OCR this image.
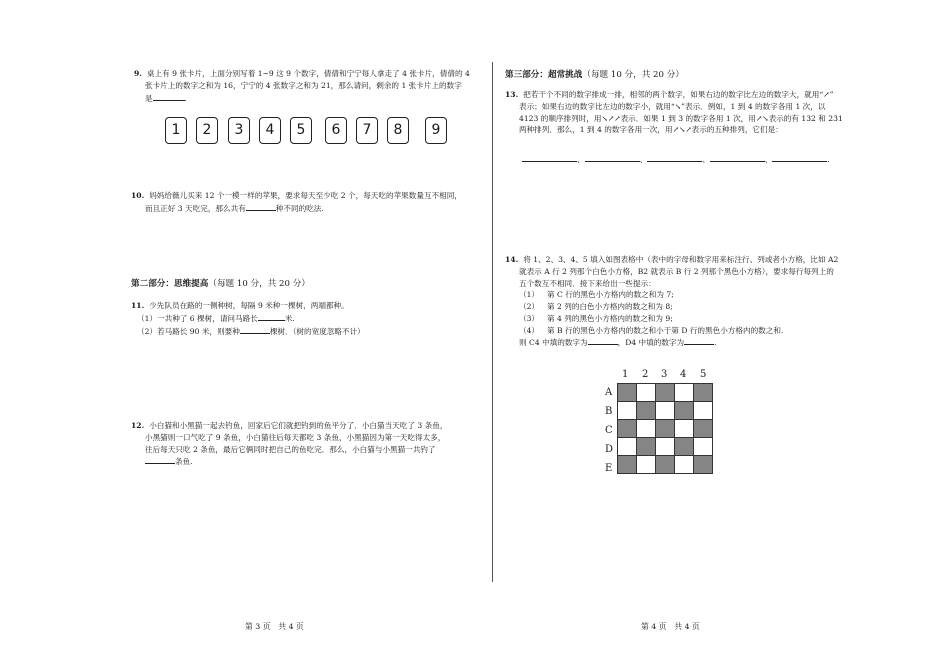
9. 桌上有 9 张卡片，上面分别写着 1~9 这 9 个数字，倩倩和宁宁每人拿走了 4 张卡片，倩倩的 4

张卡片上的数字之和为 16，宁宁的 4 张数字之和为 21，那么请问，剩余的 1 张卡片上的数字

是	.

1	2	3	4	5	6	7	8	9

10. 妈妈给薇儿买来 12 个一模一样的苹果，要求每天至少吃 2 个，每天吃的苹果数量互不相同，

而且正好 3 天吃完，那么共有	种不同的吃法.

第二部分：思维提高（每题 10 分，共 20 分）

11. 少先队员在路的一侧种树，每隔 9 米种一棵树，两端都种。

（1）一共种了 6 棵树，请问马路长	米.

（2）若马路长 90 米，则要种	棵树．（树的宽度忽略不计）

12. 小白猫和小黑猫一起去钓鱼，回家后它们就把钓到的鱼平分了．小白猫当天吃了 3 条鱼，

小黑猫则一口气吃了 9 条鱼，小白猫往后每天都吃 3 条鱼，小黑猫因为第一天吃得太多，

往后每天只吃 2 条鱼，最后它俩同时把自己的鱼吃完．那么，小白猫与小黑猫一共钓了

条鱼.

第 3 页　共 4 页
第三部分：超常挑战（每题 10 分，共 20 分）

13. 把若干个不同的数字排成一排，相邻的两个数字，如果右边的数字比左边的数字大，就用“↗”

表示；如果右边的数字比左边的数字小，就用“↘”表示．例如，1 到 4 的数字各用 1 次，以

4123 的顺序排列时，用↘↗↗表示．如果 1 到 3 的数字各用 1 次，用↗↘表示的有 132 和 231

两种排列．那么，1 到 4 的数字各用一次，用↗↘↗表示的五种排列，它们是：

、	、	、	、	.

14. 将 1、2、3、4、5 填入如图表格中（表中的字母和数字用来标注行、列或者小方格，比如 A2

就表示 A 行 2 列那个白色小方格，B2 就表示 B 行 2 列那个黑色小方格），要求每行每列上的

五个数互不相同．接下来给出一些提示：

（1） 第 C 行的黑色小方格内的数之和为 7;

（2） 第 2 列的白色小方格内的数之和为 8;

（3） 第 4 列的黑色小方格内的数之和为 9;

（4） 第 B 行的黑色小方格内的数之和小于第 D 行的黑色小方格内的数之和.

则 C4 中填的数字为	，D4 中填的数字为	.

1 2 3 4 5
A
B
C
D
E

第 4 页　共 4 页
